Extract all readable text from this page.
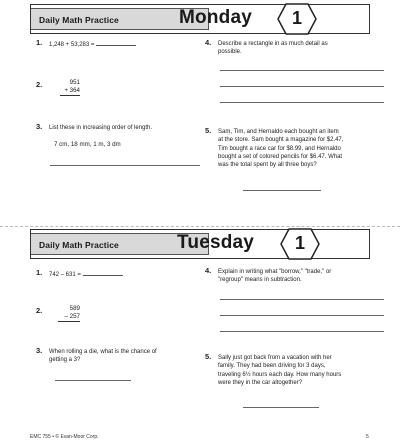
Daily Math Practice	Monday	1
1. 1,248 + 53,283 =
2.	951
+ 364
3. List these in increasing order of length.
7 cm, 18 mm, 1 m, 3 dm
4. Describe a rectangle in as much detail as
possible.
5. Sam, Tim, and Hernaldo each bought an item
at the store. Sam bought a magazine for $2.47,
Tim bought a race car for $8.99, and Hernaldo
bought a set of colored pencils for $6.47. What
was the total spent by all three boys?
Daily Math Practice	Tuesday	1
1. 742 – 631 =
2.	589
– 257
3. When rolling a die, what is the chance of
getting a 3?
4. Explain in writing what "borrow," "trade," or
"regroup" means in subtraction.
5. Sally just got back from a vacation with her
family. They had been driving for 3 days,
traveling 6½ hours each day. How many hours
were they in the car altogether?
EMC 755 • © Evan-Moor Corp.	5
